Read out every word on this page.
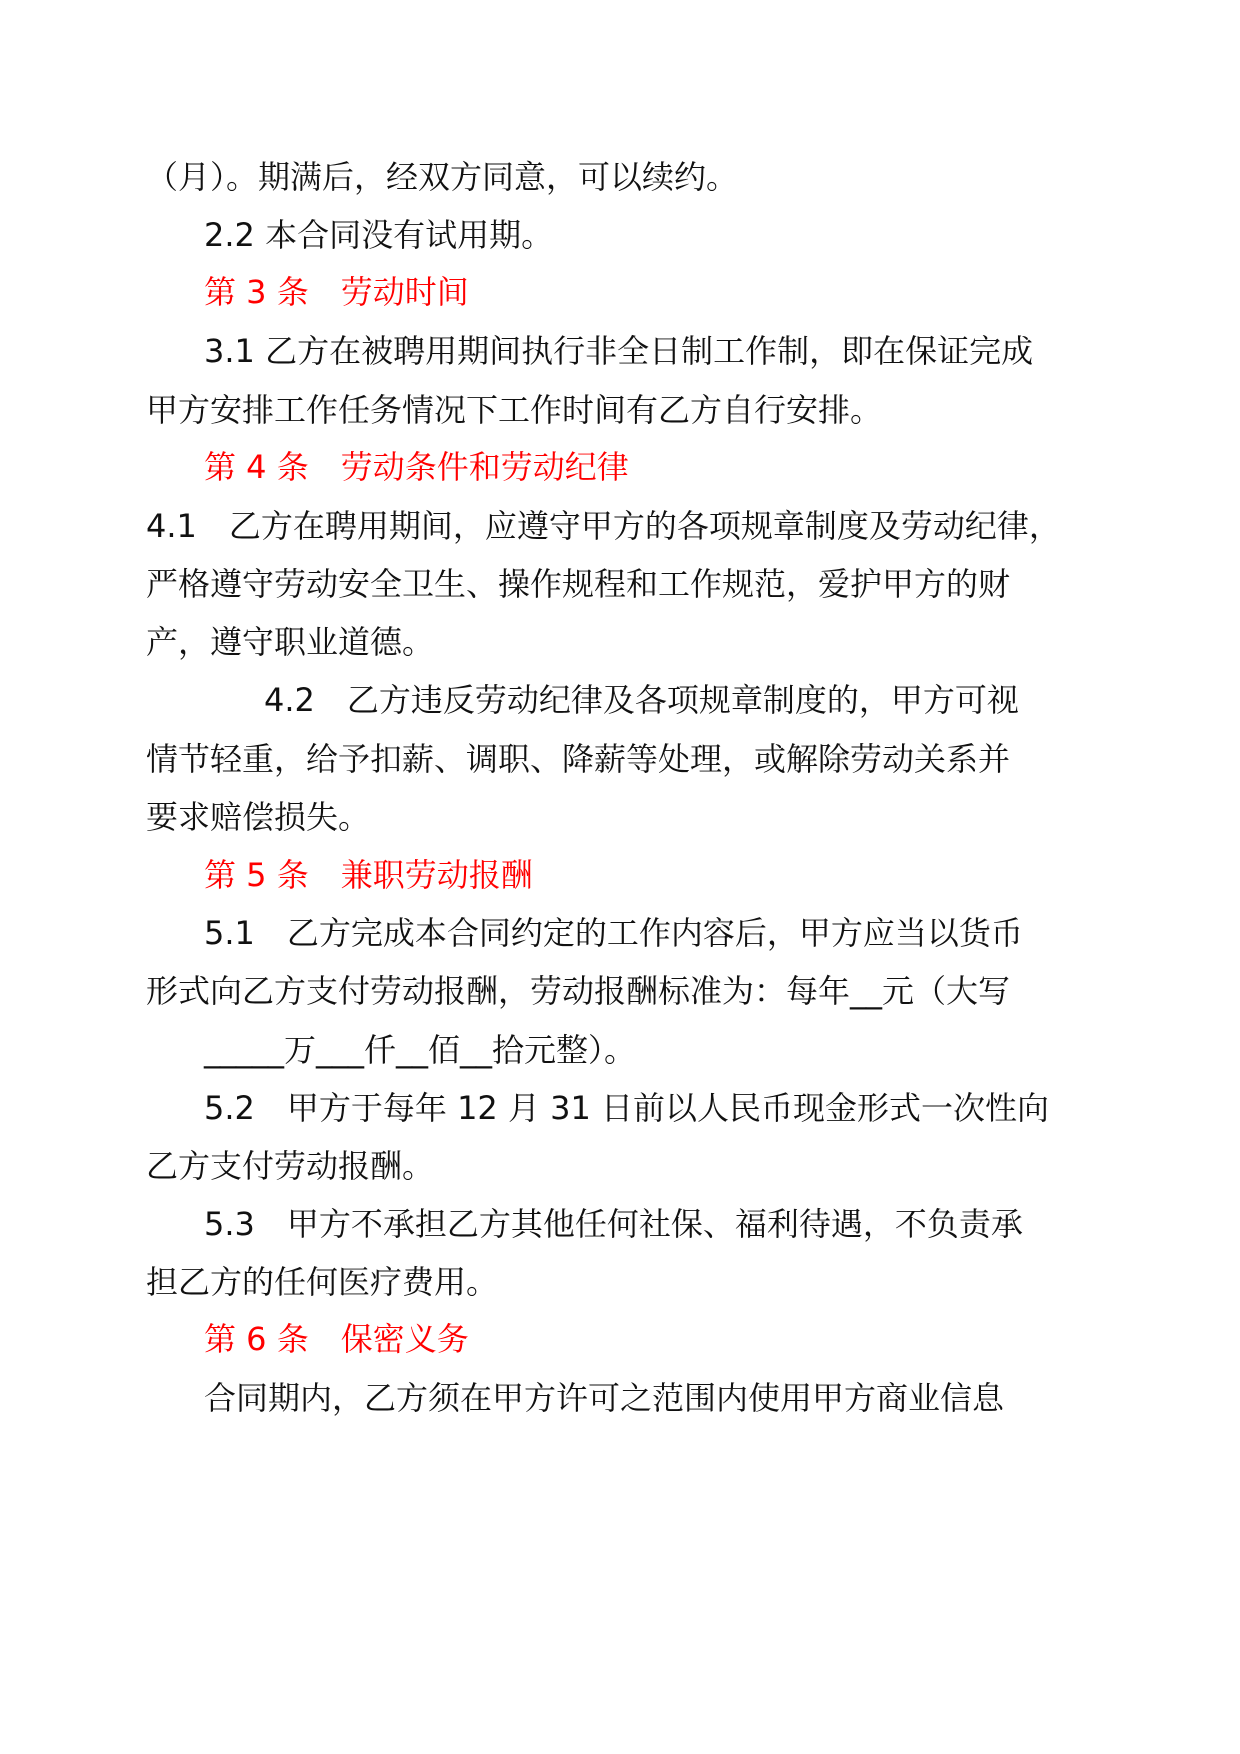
（月）。期满后，经双方同意，可以续约。
2.2 本合同没有试用期。
第 3 条　劳动时间
3.1 乙方在被聘用期间执行非全日制工作制，即在保证完成
甲方安排工作任务情况下工作时间有乙方自行安排。
第 4 条　劳动条件和劳动纪律
4.1　乙方在聘用期间，应遵守甲方的各项规章制度及劳动纪律，
严格遵守劳动安全卫生、操作规程和工作规范，爱护甲方的财
产，遵守职业道德。
4.2　乙方违反劳动纪律及各项规章制度的，甲方可视
情节轻重，给予扣薪、调职、降薪等处理，或解除劳动关系并
要求赔偿损失。
第 5 条　兼职劳动报酬
5.1　乙方完成本合同约定的工作内容后，甲方应当以货币
形式向乙方支付劳动报酬，劳动报酬标准为：每年__元（大写
_____万___仟__佰__拾元整）。
5.2　甲方于每年 12 月 31 日前以人民币现金形式一次性向
乙方支付劳动报酬。
5.3　甲方不承担乙方其他任何社保、福利待遇，不负责承
担乙方的任何医疗费用。
第 6 条　保密义务
合同期内，乙方须在甲方许可之范围内使用甲方商业信息
